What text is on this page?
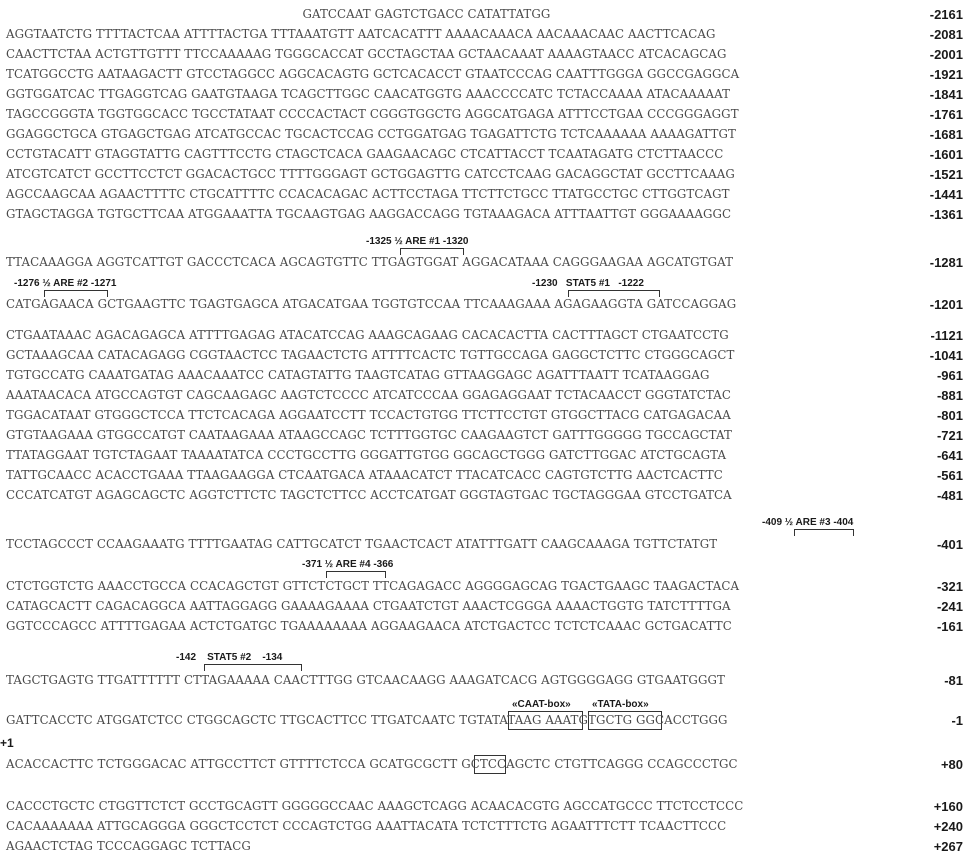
GATCCAAT GAGTCTGACC CATATTATGG	-2161
AGGTAATCTG TTTTACTCAA ATTTTACTGA TTTAAATGTT AATCACATTT AAAACAAACA AACAAACAAC AACTTCACAG	-2081
CAACTTCTAA ACTGTTGTTT TTCCAAAAAG TGGGCACCAT GCCTAGCTAA GCTAACAAAT AAAAGTAACC ATCACAGCAG	-2001
TCATGGCCTG AATAAGACTT GTCCTAGGCC AGGCACAGTG GCTCACACCT GTAATCCCAG CAATTTGGGA GGCCGAGGCA	-1921
GGTGGATCAC TTGAGGTCAG GAATGTAAGA TCAGCTTGGC CAACATGGTG AAACCCCATC TCTACCAAAA ATACAAAAAT	-1841
TAGCCGGGTA TGGTGGCACC TGCCTATAAT CCCCACTACT CGGGTGGCTG AGGCATGAGA ATTTCCTGAA CCCGGGAGGT	-1761
GGAGGCTGCA GTGAGCTGAG ATCATGCCAC TGCACTCCAG CCTGGATGAG TGAGATTCTG TCTCAAAAAA AAAAGATTGT	-1681
CCTGTACATT GTAGGTATTG CAGTTTCCTG CTAGCTCACA GAAGAACAGC CTCATTACCT TCAATAGATG CTCTTAACCC	-1601
ATCGTCATCT GCCTTCCTCT GGACACTGCC TTTTGGGAGT GCTGGAGTTG CATCCTCAAG GACAGGCTAT GCCTTCAAAG	-1521
AGCCAAGCAA AGAACTTTTC CTGCATTTTC CCACACAGAC ACTTCCTAGA TTCTTCTGCC TTATGCCTGC CTTGGTCAGT	-1441
GTAGCTAGGA TGTGCTTCAA ATGGAAATTA TGCAAGTGAG AAGGACCAGG TGTAAAGACA ATTTAATTGT GGGAAAAGGC	-1361
-1325 ½ ARE #1 -1320
TTACAAAGGA AGGTCATTGT GACCCTCACA AGCAGTGTTC TTGAGTGGAT AGGACATAAA CAGGGAAGAA AGCATGTGAT	-1281
-1276 ½ ARE #2 -1271	-1230   STAT5 #1   -1222
CATGAGAACA GCTGAAGTTC TGAGTGAGCA ATGACATGAA TGGTGTCCAA TTCAAAGAAA AGAGAAGGTA GATCCAGGAG	-1201
CTGAATAAAC AGACAGAGCA ATTTTGAGAG ATACATCCAG AAAGCAGAAG CACACACTTA CACTTTAGCT CTGAATCCTG	-1121
GCTAAAGCAA CATACAGAGG CGGTAACTCC TAGAACTCTG ATTTTCACTC TGTTGCCAGA GAGGCTCTTC CTGGGCAGCT	-1041
TGTGCCATG CAAATGATAG AAACAAATCC CATAGTATTG TAAGTCATAG GTTAAGGAGC AGATTTAATT TCATAAGGAG	-961
AAATAACACA ATGCCAGTGT CAGCAAGAGC AAGTCTCCCC ATCATCCCAA GGAGAGGAAT TCTACAACCT GGGTATCTAC	-881
TGGACATAAT GTGGGCTCCA TTCTCACAGA AGGAATCCTT TCCACTGTGG TTCTTCCTGT GTGGCTTACG CATGAGACAA	-801
GTGTAAGAAA GTGGCCATGT CAATAAGAAA ATAAGCCAGC TCTTTGGTGC CAAGAAGTCT GATTTGGGGG TGCCAGCTAT	-721
TTATAGGAAT TGTCTAGAAT TAAAATATCA CCCTGCCTTG GGGATTGTGG GGCAGCTGGG GATCTTGGAC ATCTGCAGTA	-641
TATTGCAACC ACACCTGAAA TTAAGAAGGA CTCAATGACA ATAAACATCT TTACATCACC CAGTGTCTTG AACTCACTTC	-561
CCCATCATGT AGAGCAGCTC AGGTCTTCTC TAGCTCTTCC ACCTCATGAT GGGTAGTGAC TGCTAGGGAA GTCCTGATCA	-481
-409 ½ ARE #3 -404
TCCTAGCCCT CCAAGAAATG TTTTGAATAG CATTGCATCT TGAACTCACT ATATTTGATT CAAGCAAAGA TGTTCTATGT	-401
-371 ½ ARE #4 -366
CTCTGGTCTG AAACCTGCCA CCACAGCTGT GTTCTCTGCT TTCAGAGACC AGGGGAGCAG TGACTGAAGC TAAGACTACA	-321
CATAGCACTT CAGACAGGCA AATTAGGAGG GAAAAGAAAA CTGAATCTGT AAACTCGGGA AAAACTGGTG TATCTTTTGA	-241
GGTCCCAGCC ATTTTGAGAA ACTCTGATGC TGAAAAAAAA AGGAAGAACA ATCTGACTCC TCTCTCAAAC GCTGACATTC	-161
-142    STAT5 #2    -134
TAGCTGAGTG TTGATTTTTT CTTAGAAAAA CAACTTTGG GTCAACAAGG AAAGATCACG AGTGGGGAGG GTGAATGGGT	-81
«CAAT-box» «TATA-box»
GATTCACCTC ATGGATCTCC CTGGCAGCTC TTGCACTTCC TTGATCAATC TGTATATAAG AAATGTGCTG GGCACCTGGG	-1
+1
ACACCACTTC TCTGGGACAC ATTGCCTTCT GTTTTCTCCA GCATGCGCTT GCTCCAGCTC CTGTTCAGGG CCAGCCCTGC	+80
CACCCTGCTC CTGGTTCTCT GCCTGCAGTT GGGGGCCAAC AAAGCTCAGG ACAACACGTG AGCCATGCCC TTCTCCTCCC	+160
CACAAAAAAA ATTGCAGGGA GGGCTCCTCT CCCAGTCTGG AAATTACATA TCTCTTTCTG AGAATTTCTT TCAACTTCCC	+240
AGAACTCTAG TCCCAGGAGC TCTTACG	+267
